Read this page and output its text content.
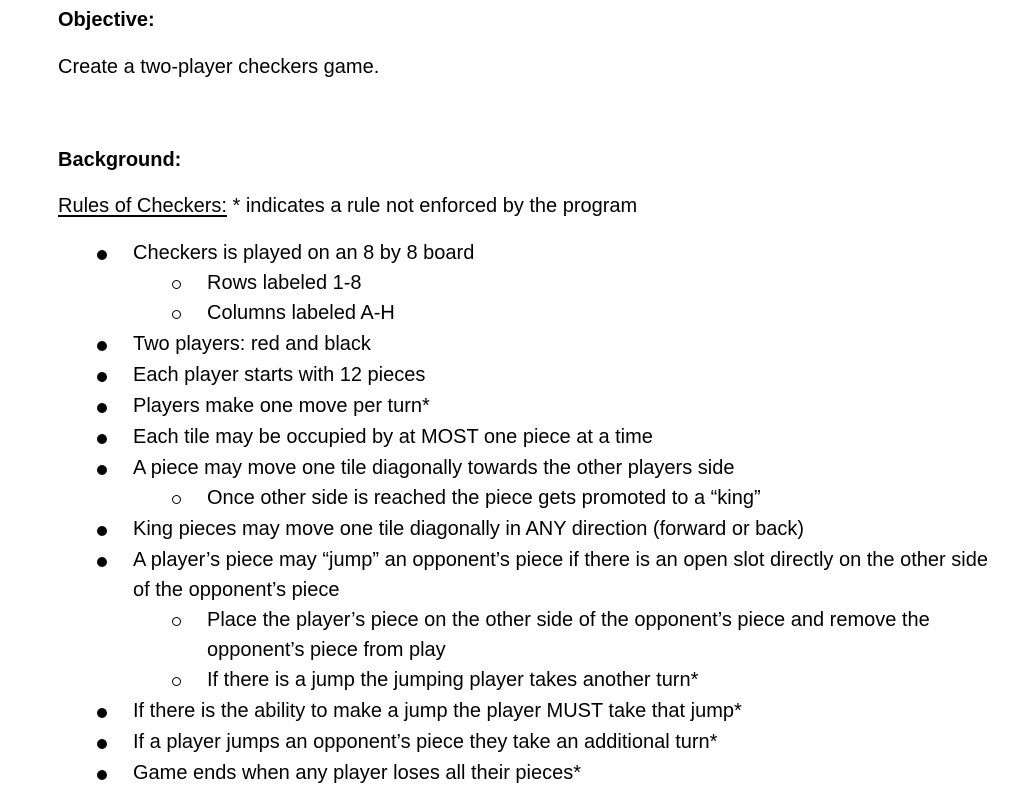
Objective:
Create a two-player checkers game.
Background:
Rules of Checkers: * indicates a rule not enforced by the program
Checkers is played on an 8 by 8 board
Rows labeled 1-8
Columns labeled A-H
Two players: red and black
Each player starts with 12 pieces
Players make one move per turn*
Each tile may be occupied by at MOST one piece at a time
A piece may move one tile diagonally towards the other players side
Once other side is reached the piece gets promoted to a “king”
King pieces may move one tile diagonally in ANY direction (forward or back)
A player’s piece may “jump” an opponent’s piece if there is an open slot directly on the other side of the opponent’s piece
Place the player’s piece on the other side of the opponent’s piece and remove the opponent’s piece from play
If there is a jump the jumping player takes another turn*
If there is the ability to make a jump the player MUST take that jump*
If a player jumps an opponent’s piece they take an additional turn*
Game ends when any player loses all their pieces*
